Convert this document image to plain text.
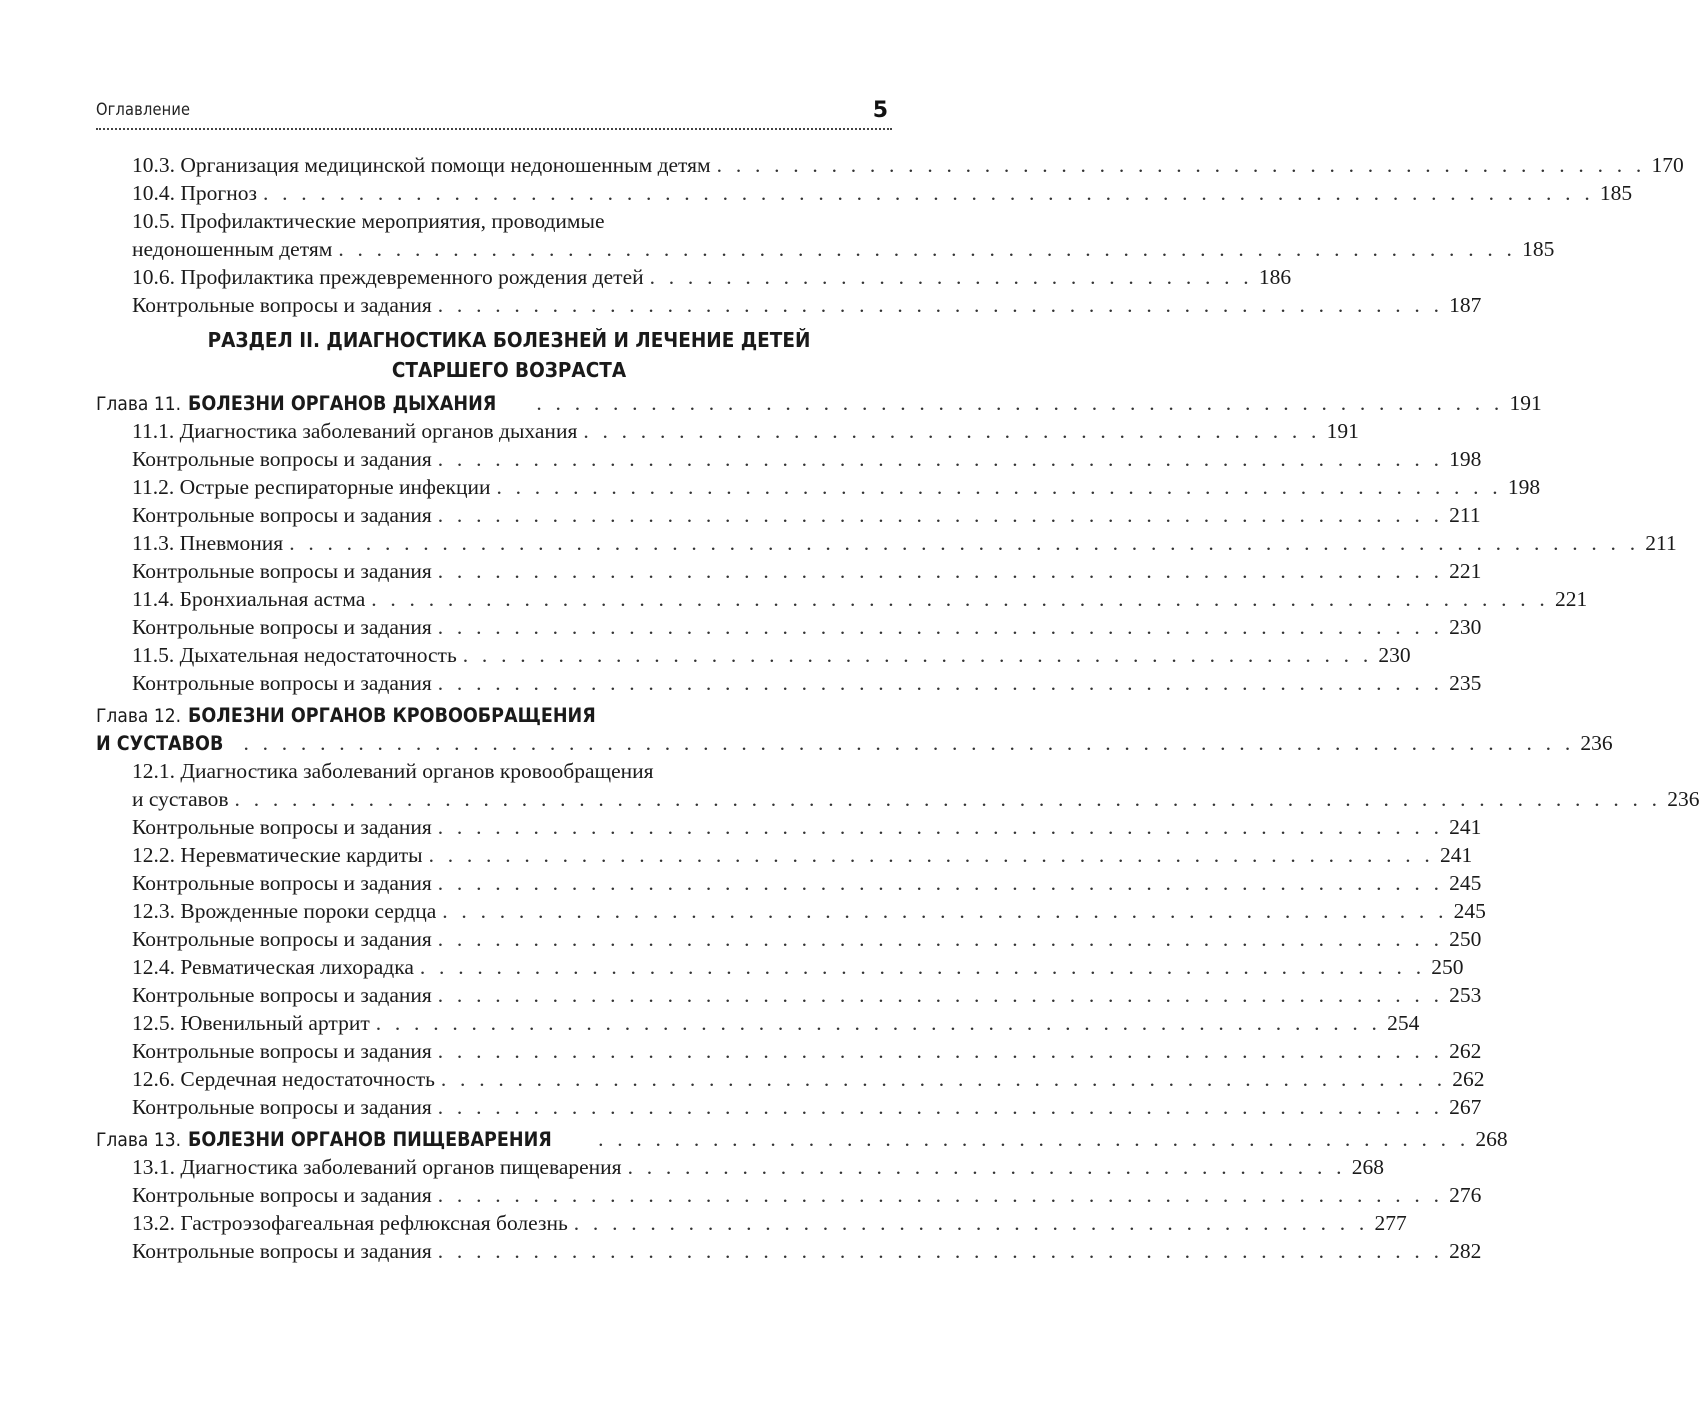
Оглавление	5
10.3. Организация медицинской помощи недоношенным детям . . . . . . . . . . . . . . . . . . . . . . . . . . . . . . . . . . . . . . . . . . . . . . . . . 170
10.4. Прогноз . . . . . . . . . . . . . . . . . . . . . . . . . . . . . . . . . . . . . . . . . . . . . . . . . . . . . . . . . . . . . . . . . . . . . . 185
10.5. Профилактические мероприятия, проводимые
недоношенным детям . . . . . . . . . . . . . . . . . . . . . . . . . . . . . . . . . . . . . . . . . . . . . . . . . . . . . . . . . . . . . . 185
10.6. Профилактика преждевременного рождения детей . . . . . . . . . . . . . . . . . . . . . . . . . . . . . . . . 186
Контрольные вопросы и задания . . . . . . . . . . . . . . . . . . . . . . . . . . . . . . . . . . . . . . . . . . . . . . . . . . . . . 187
РАЗДЕЛ II. ДИАГНОСТИКА БОЛЕЗНЕЙ И ЛЕЧЕНИЕ ДЕТЕЙ
СТАРШЕГО ВОЗРАСТА
Глава 11. БОЛЕЗНИ ОРГАНОВ ДЫХАНИЯ	. . . . . . . . . . . . . . . . . . . . . . . . . . . . . . . . . . . . . . . . . . . . . . . . . . . 191
11.1. Диагностика заболеваний органов дыхания . . . . . . . . . . . . . . . . . . . . . . . . . . . . . . . . . . . . . . . 191
Контрольные вопросы и задания . . . . . . . . . . . . . . . . . . . . . . . . . . . . . . . . . . . . . . . . . . . . . . . . . . . . . 198
11.2. Острые респираторные инфекции . . . . . . . . . . . . . . . . . . . . . . . . . . . . . . . . . . . . . . . . . . . . . . . . . . . . . 198
Контрольные вопросы и задания . . . . . . . . . . . . . . . . . . . . . . . . . . . . . . . . . . . . . . . . . . . . . . . . . . . . . 211
11.3. Пневмония . . . . . . . . . . . . . . . . . . . . . . . . . . . . . . . . . . . . . . . . . . . . . . . . . . . . . . . . . . . . . . . . . . . . . . . 211
Контрольные вопросы и задания . . . . . . . . . . . . . . . . . . . . . . . . . . . . . . . . . . . . . . . . . . . . . . . . . . . . . 221
11.4. Бронхиальная астма . . . . . . . . . . . . . . . . . . . . . . . . . . . . . . . . . . . . . . . . . . . . . . . . . . . . . . . . . . . . . . 221
Контрольные вопросы и задания . . . . . . . . . . . . . . . . . . . . . . . . . . . . . . . . . . . . . . . . . . . . . . . . . . . . . 230
11.5. Дыхательная недостаточность . . . . . . . . . . . . . . . . . . . . . . . . . . . . . . . . . . . . . . . . . . . . . . . . 230
Контрольные вопросы и задания . . . . . . . . . . . . . . . . . . . . . . . . . . . . . . . . . . . . . . . . . . . . . . . . . . . . . 235
Глава 12. БОЛЕЗНИ ОРГАНОВ КРОВООБРАЩЕНИЯ
И СУСТАВОВ . . . . . . . . . . . . . . . . . . . . . . . . . . . . . . . . . . . . . . . . . . . . . . . . . . . . . . . . . . . . . . . . . . . . . . 236
12.1. Диагностика заболеваний органов кровообращения
и суставов . . . . . . . . . . . . . . . . . . . . . . . . . . . . . . . . . . . . . . . . . . . . . . . . . . . . . . . . . . . . . . . . . . . . . . . . . . . 236
Контрольные вопросы и задания . . . . . . . . . . . . . . . . . . . . . . . . . . . . . . . . . . . . . . . . . . . . . . . . . . . . . 241
12.2. Неревматические кардиты . . . . . . . . . . . . . . . . . . . . . . . . . . . . . . . . . . . . . . . . . . . . . . . . . . . . . 241
Контрольные вопросы и задания . . . . . . . . . . . . . . . . . . . . . . . . . . . . . . . . . . . . . . . . . . . . . . . . . . . . . 245
12.3. Врожденные пороки сердца . . . . . . . . . . . . . . . . . . . . . . . . . . . . . . . . . . . . . . . . . . . . . . . . . . . . . 245
Контрольные вопросы и задания . . . . . . . . . . . . . . . . . . . . . . . . . . . . . . . . . . . . . . . . . . . . . . . . . . . . . 250
12.4. Ревматическая лихорадка . . . . . . . . . . . . . . . . . . . . . . . . . . . . . . . . . . . . . . . . . . . . . . . . . . . . . 250
Контрольные вопросы и задания . . . . . . . . . . . . . . . . . . . . . . . . . . . . . . . . . . . . . . . . . . . . . . . . . . . . . 253
12.5. Ювенильный артрит . . . . . . . . . . . . . . . . . . . . . . . . . . . . . . . . . . . . . . . . . . . . . . . . . . . . . 254
Контрольные вопросы и задания . . . . . . . . . . . . . . . . . . . . . . . . . . . . . . . . . . . . . . . . . . . . . . . . . . . . . 262
12.6. Сердечная недостаточность . . . . . . . . . . . . . . . . . . . . . . . . . . . . . . . . . . . . . . . . . . . . . . . . . . . . . 262
Контрольные вопросы и задания . . . . . . . . . . . . . . . . . . . . . . . . . . . . . . . . . . . . . . . . . . . . . . . . . . . . . 267
Глава 13. БОЛЕЗНИ ОРГАНОВ ПИЩЕВАРЕНИЯ	. . . . . . . . . . . . . . . . . . . . . . . . . . . . . . . . . . . . . . . . . . . . . . 268
13.1. Диагностика заболеваний органов пищеварения . . . . . . . . . . . . . . . . . . . . . . . . . . . . . . . . . . . . . . 268
Контрольные вопросы и задания . . . . . . . . . . . . . . . . . . . . . . . . . . . . . . . . . . . . . . . . . . . . . . . . . . . . . 276
13.2. Гастроэзофагеальная рефлюксная болезнь . . . . . . . . . . . . . . . . . . . . . . . . . . . . . . . . . . . . . . . . . . 277
Контрольные вопросы и задания . . . . . . . . . . . . . . . . . . . . . . . . . . . . . . . . . . . . . . . . . . . . . . . . . . . . . 282
